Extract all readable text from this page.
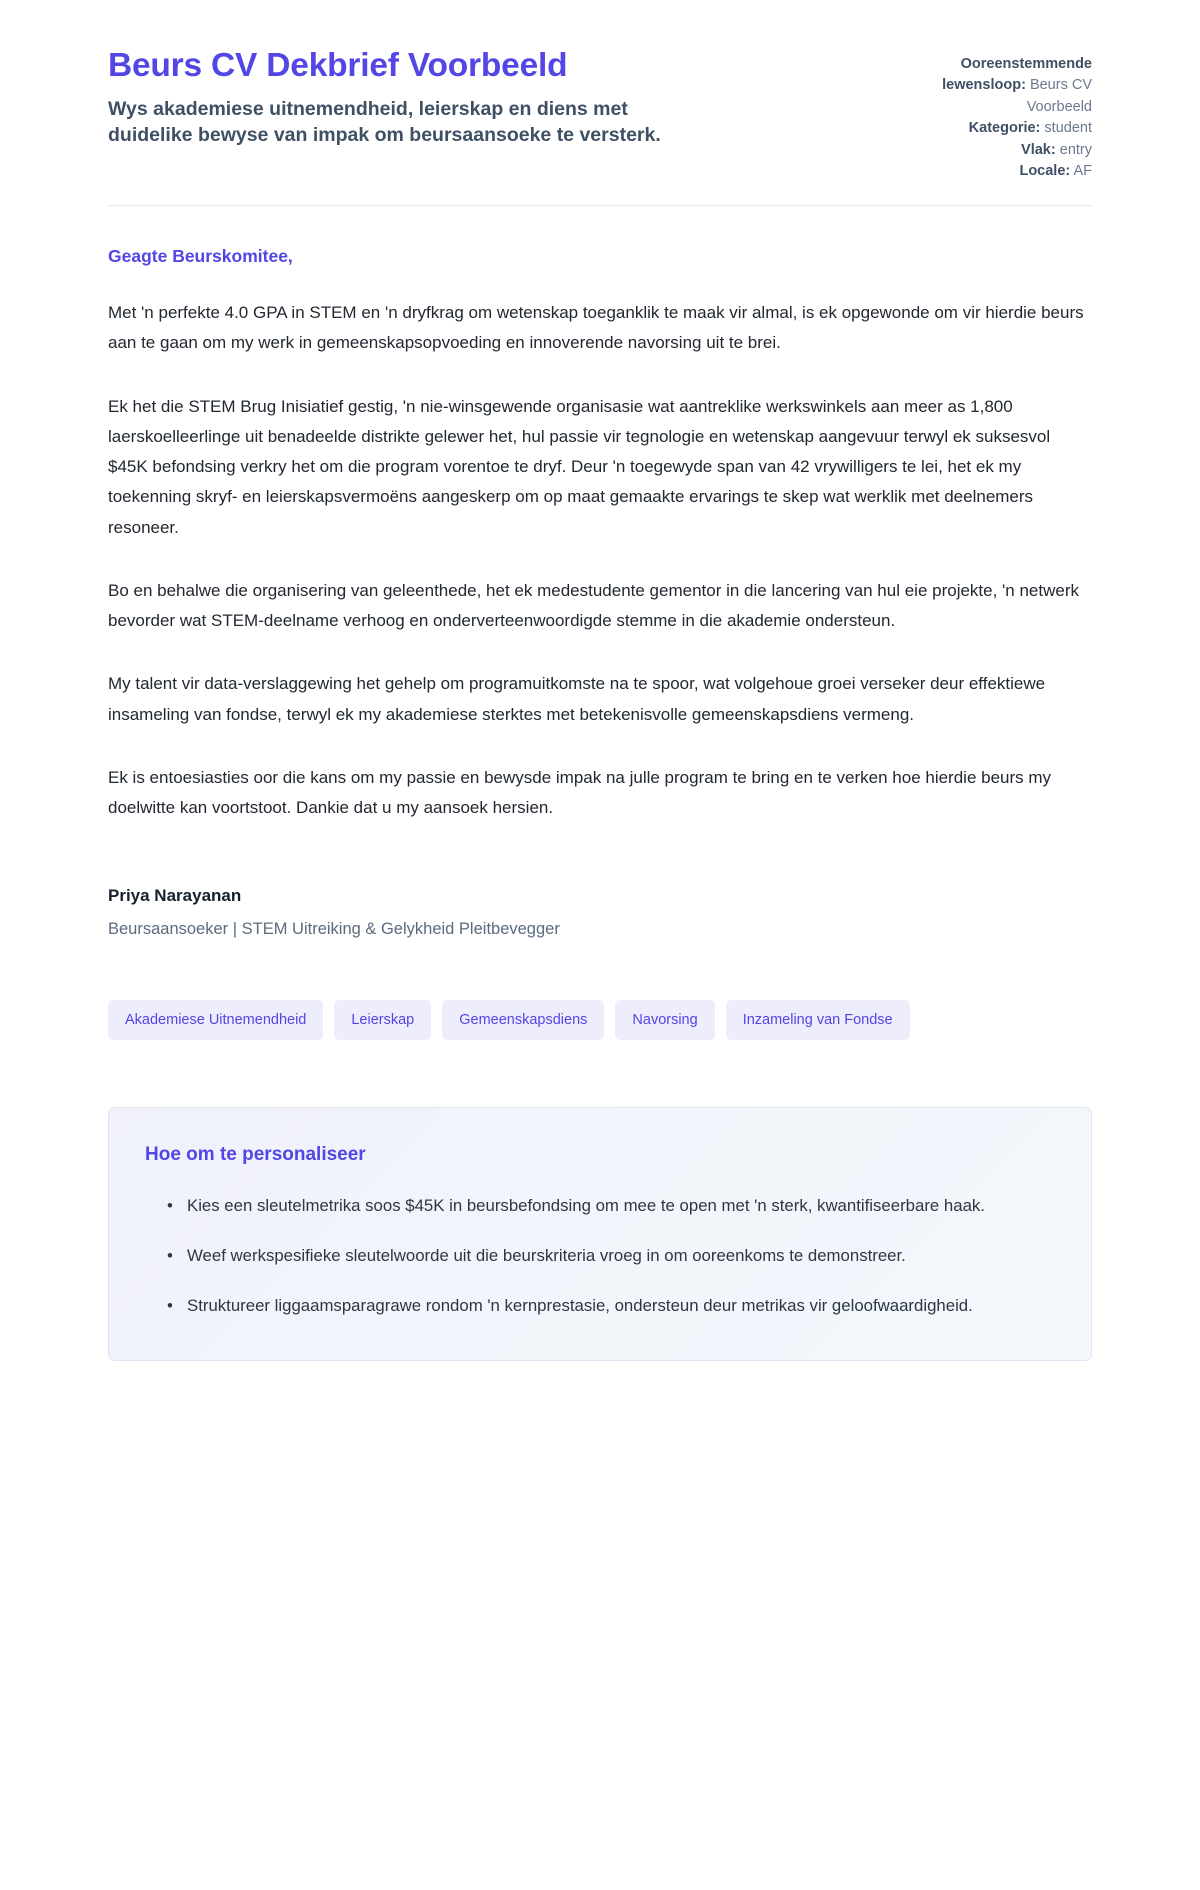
Beurs CV Dekbrief Voorbeeld

Wys akademiese uitnemendheid, leierskap en diens met duidelike bewyse van impak om beursaansoeke te versterk.

Ooreenstemmende lewensloop: Beurs CV Voorbeeld
Kategorie: student
Vlak: entry
Locale: AF

Geagte Beurskomitee,

Met 'n perfekte 4.0 GPA in STEM en 'n dryfkrag om wetenskap toeganklik te maak vir almal, is ek opgewonde om vir hierdie beurs aan te gaan om my werk in gemeenskapsopvoeding en innoverende navorsing uit te brei.

Ek het die STEM Brug Inisiatief gestig, 'n nie-winsgewende organisasie wat aantreklike werkswinkels aan meer as 1,800 laerskoelleerlinge uit benadeelde distrikte gelewer het, hul passie vir tegnologie en wetenskap aangevuur terwyl ek suksesvol $45K befondsing verkry het om die program vorentoe te dryf. Deur 'n toegewyde span van 42 vrywilligers te lei, het ek my toekenning skryf- en leierskapsvermoëns aangeskerp om op maat gemaakte ervarings te skep wat werklik met deelnemers resoneer.

Bo en behalwe die organisering van geleenthede, het ek medestudente gementor in die lancering van hul eie projekte, 'n netwerk bevorder wat STEM-deelname verhoog en onderverteenwoordigde stemme in die akademie ondersteun.

My talent vir data-verslaggewing het gehelp om programuitkomste na te spoor, wat volgehoue groei verseker deur effektiewe insameling van fondse, terwyl ek my akademiese sterktes met betekenisvolle gemeenskapsdiens vermeng.

Ek is entoesiasties oor die kans om my passie en bewysde impak na julle program te bring en te verken hoe hierdie beurs my doelwitte kan voortstoot. Dankie dat u my aansoek hersien.

Priya Narayanan

Beursaansoeker | STEM Uitreiking & Gelykheid Pleitbevegger

Akademiese Uitnemendheid	Leierskap	Gemeenskapsdiens	Navorsing	Inzameling van Fondse
Hoe om te personaliseer
• Kies een sleutelmetrika soos $45K in beursbefondsing om mee te open met 'n sterk, kwantifiseerbare haak.
• Weef werkspesifieke sleutelwoorde uit die beurskriteria vroeg in om ooreenkoms te demonstreer.
• Struktureer liggaamsparagrawe rondom 'n kernprestasie, ondersteun deur metrikas vir geloofwaardigheid.
